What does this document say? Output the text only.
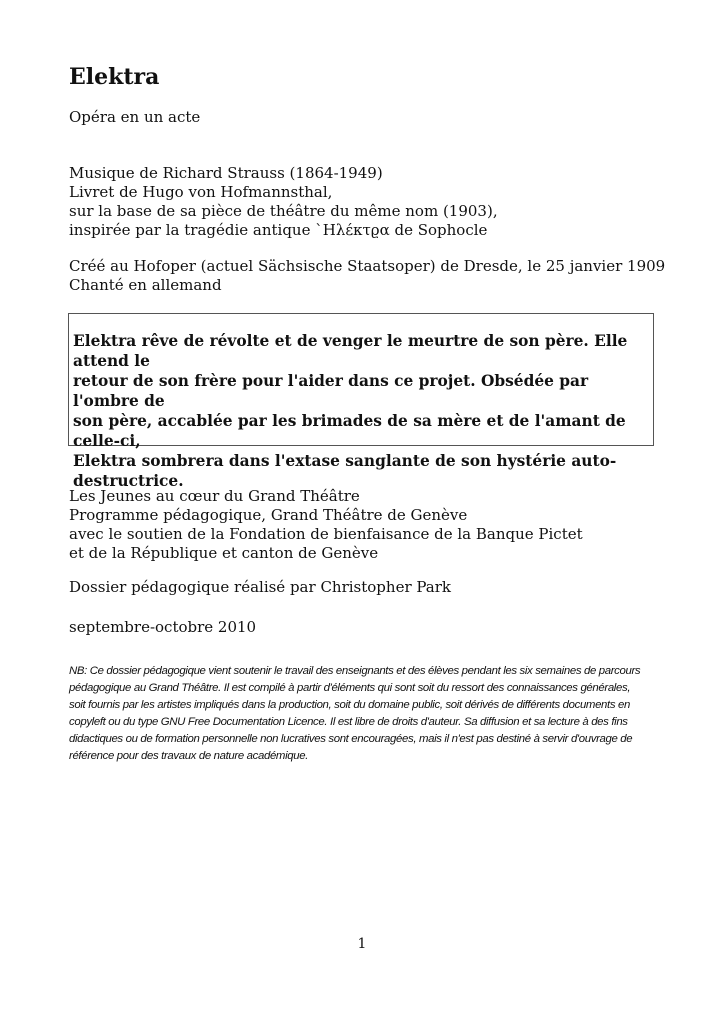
Elektra

Opéra en un acte

Musique de Richard Strauss (1864-1949)
Livret de Hugo von Hofmannsthal,
sur la base de sa pièce de théâtre du même nom (1903),
inspirée par la tragédie antique ˋΗλέκτϱα de Sophocle
Créé au Hofoper (actuel Sächsische Staatsoper) de Dresde, le 25 janvier 1909
Chanté en allemand
Elektra rêve de révolte et de venger le meurtre de son père. Elle attend le
retour de son frère pour l'aider dans ce projet. Obsédée par l'ombre de
son père, accablée par les brimades de sa mère et de l'amant de celle-ci,
Elektra sombrera dans l'extase sanglante de son hystérie auto-
destructrice.
Les Jeunes au cœur du Grand Théâtre
Programme pédagogique, Grand Théâtre de Genève
avec le soutien de la Fondation de bienfaisance de la Banque Pictet
et de la République et canton de Genève

Dossier pédagogique réalisé par Christopher Park

septembre-octobre 2010

NB: Ce dossier pédagogique vient soutenir le travail des enseignants et des élèves pendant les six semaines de parcours
pédagogique au Grand Théâtre. Il est compilé à partir d'éléments qui sont soit du ressort des connaissances générales,
soit fournis par les artistes impliqués dans la production, soit du domaine public, soit dérivés de différents documents en
copyleft ou du type GNU Free Documentation Licence. Il est libre de droits d'auteur. Sa diffusion et sa lecture à des fins
didactiques ou de formation personnelle non lucratives sont encouragées, mais il n'est pas destiné à servir d'ouvrage de
référence pour des travaux de nature académique.

1
